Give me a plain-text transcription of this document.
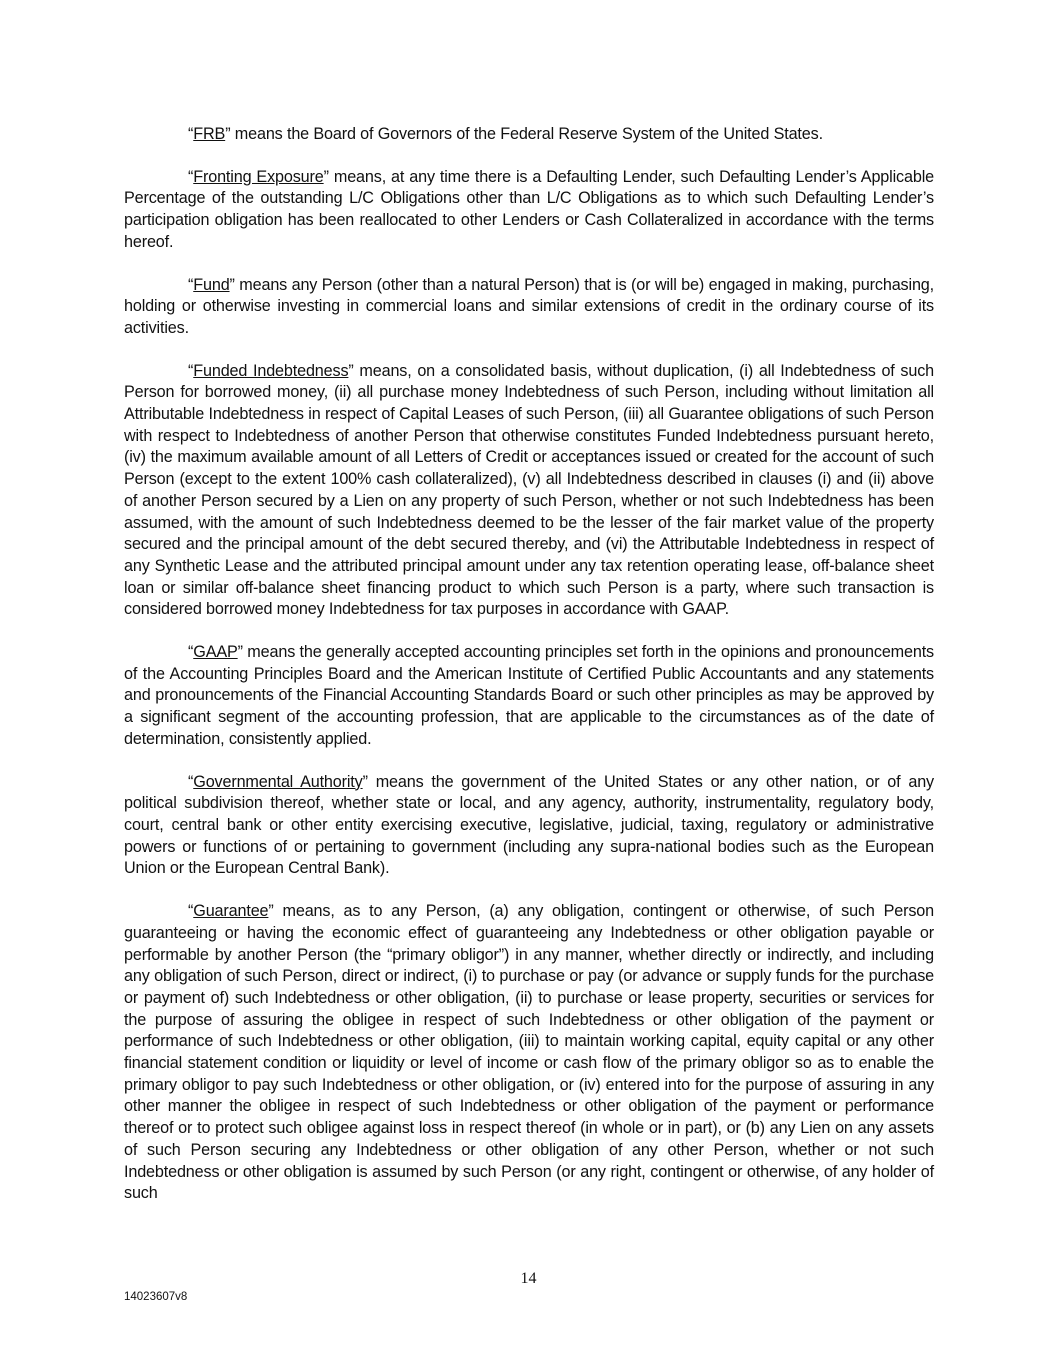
“FRB” means the Board of Governors of the Federal Reserve System of the United States.

“Fronting Exposure” means, at any time there is a Defaulting Lender, such Defaulting Lender’s Applicable Percentage of the outstanding L/C Obligations other than L/C Obligations as to which such Defaulting Lender’s participation obligation has been reallocated to other Lenders or Cash Collateralized in accordance with the terms hereof.

“Fund” means any Person (other than a natural Person) that is (or will be) engaged in making, purchasing, holding or otherwise investing in commercial loans and similar extensions of credit in the ordinary course of its activities.

“Funded Indebtedness” means, on a consolidated basis, without duplication, (i) all Indebtedness of such Person for borrowed money, (ii) all purchase money Indebtedness of such Person, including without limitation all Attributable Indebtedness in respect of Capital Leases of such Person, (iii) all Guarantee obligations of such Person with respect to Indebtedness of another Person that otherwise constitutes Funded Indebtedness pursuant hereto, (iv) the maximum available amount of all Letters of Credit or acceptances issued or created for the account of such Person (except to the extent 100% cash collateralized), (v) all Indebtedness described in clauses (i) and (ii) above of another Person secured by a Lien on any property of such Person, whether or not such Indebtedness has been assumed, with the amount of such Indebtedness deemed to be the lesser of the fair market value of the property secured and the principal amount of the debt secured thereby, and (vi) the Attributable Indebtedness in respect of any Synthetic Lease and the attributed principal amount under any tax retention operating lease, off-balance sheet loan or similar off-balance sheet financing product to which such Person is a party, where such transaction is considered borrowed money Indebtedness for tax purposes in accordance with GAAP.

“GAAP” means the generally accepted accounting principles set forth in the opinions and pronouncements of the Accounting Principles Board and the American Institute of Certified Public Accountants and any statements and pronouncements of the Financial Accounting Standards Board or such other principles as may be approved by a significant segment of the accounting profession, that are applicable to the circumstances as of the date of determination, consistently applied.

“Governmental Authority” means the government of the United States or any other nation, or of any political subdivision thereof, whether state or local, and any agency, authority, instrumentality, regulatory body, court, central bank or other entity exercising executive, legislative, judicial, taxing, regulatory or administrative powers or functions of or pertaining to government (including any supra-national bodies such as the European Union or the European Central Bank).

“Guarantee” means, as to any Person, (a) any obligation, contingent or otherwise, of such Person guaranteeing or having the economic effect of guaranteeing any Indebtedness or other obligation payable or performable by another Person (the “primary obligor”) in any manner, whether directly or indirectly, and including any obligation of such Person, direct or indirect, (i) to purchase or pay (or advance or supply funds for the purchase or payment of) such Indebtedness or other obligation, (ii) to purchase or lease property, securities or services for the purpose of assuring the obligee in respect of such Indebtedness or other obligation of the payment or performance of such Indebtedness or other obligation, (iii) to maintain working capital, equity capital or any other financial statement condition or liquidity or level of income or cash flow of the primary obligor so as to enable the primary obligor to pay such Indebtedness or other obligation, or (iv) entered into for the purpose of assuring in any other manner the obligee in respect of such Indebtedness or other obligation of the payment or performance thereof or to protect such obligee against loss in respect thereof (in whole or in part), or (b) any Lien on any assets of such Person securing any Indebtedness or other obligation of any other Person, whether or not such Indebtedness or other obligation is assumed by such Person (or any right, contingent or otherwise, of any holder of such

14
14023607v8
